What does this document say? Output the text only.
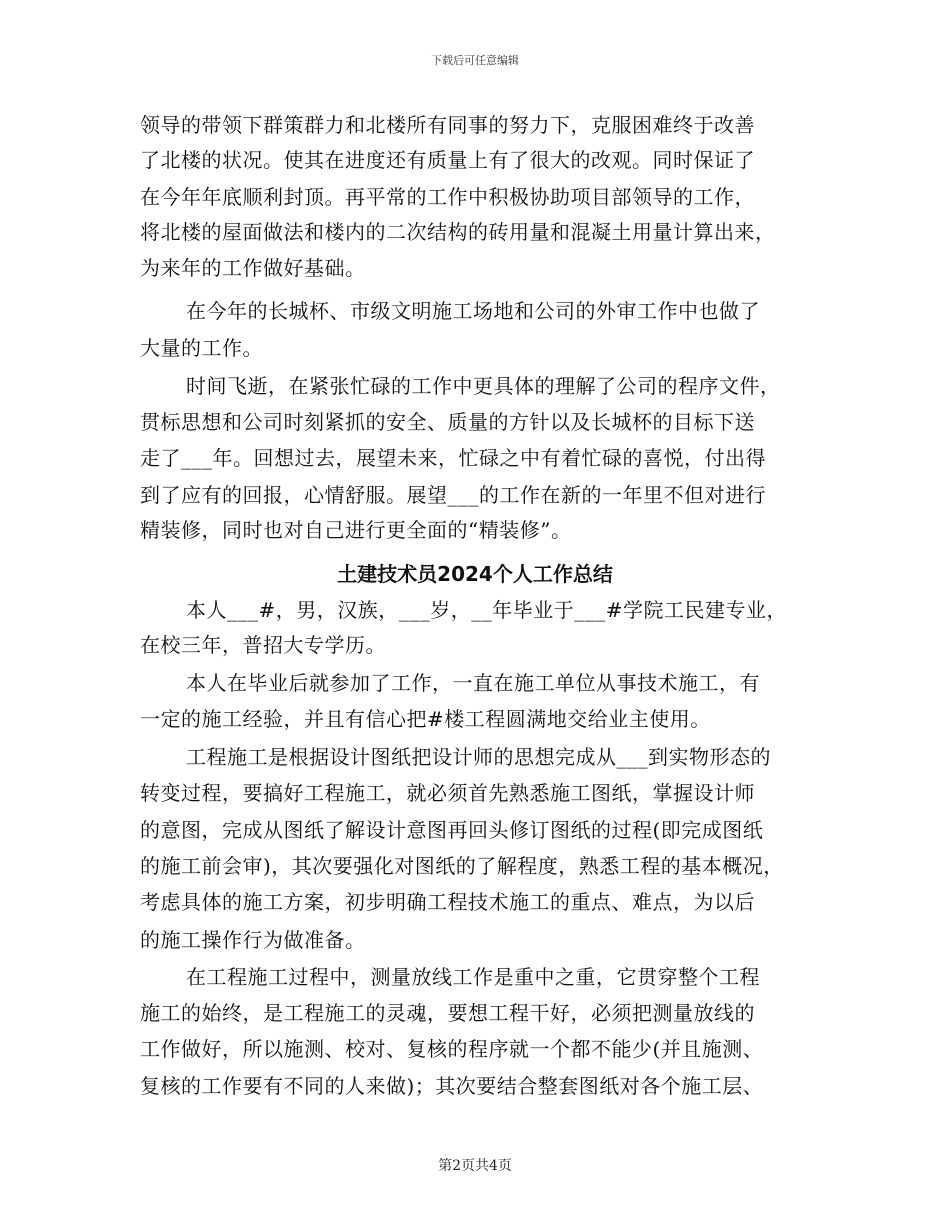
下载后可任意编辑
领导的带领下群策群力和北楼所有同事的努力下，克服困难终于改善
了北楼的状况。使其在进度还有质量上有了很大的改观。同时保证了
在今年年底顺利封顶。再平常的工作中积极协助项目部领导的工作，
将北楼的屋面做法和楼内的二次结构的砖用量和混凝土用量计算出来，
为来年的工作做好基础。
在今年的长城杯、市级文明施工场地和公司的外审工作中也做了
大量的工作。
时间飞逝，在紧张忙碌的工作中更具体的理解了公司的程序文件，
贯标思想和公司时刻紧抓的安全、质量的方针以及长城杯的目标下送
走了___年。回想过去，展望未来，忙碌之中有着忙碌的喜悦，付出得
到了应有的回报，心情舒服。展望___的工作在新的一年里不但对进行
精装修，同时也对自己进行更全面的“精装修”。
土建技术员2024个人工作总结
本人___#，男，汉族，___岁，__年毕业于___#学院工民建专业，
在校三年，普招大专学历。
本人在毕业后就参加了工作，一直在施工单位从事技术施工，有
一定的施工经验，并且有信心把#楼工程圆满地交给业主使用。
工程施工是根据设计图纸把设计师的思想完成从___到实物形态的
转变过程，要搞好工程施工，就必须首先熟悉施工图纸，掌握设计师
的意图，完成从图纸了解设计意图再回头修订图纸的过程(即完成图纸
的施工前会审)，其次要强化对图纸的了解程度，熟悉工程的基本概况，
考虑具体的施工方案，初步明确工程技术施工的重点、难点，为以后
的施工操作行为做准备。
在工程施工过程中，测量放线工作是重中之重，它贯穿整个工程
施工的始终，是工程施工的灵魂，要想工程干好，必须把测量放线的
工作做好，所以施测、校对、复核的程序就一个都不能少(并且施测、
复核的工作要有不同的人来做)；其次要结合整套图纸对各个施工层、
第2页共4页
